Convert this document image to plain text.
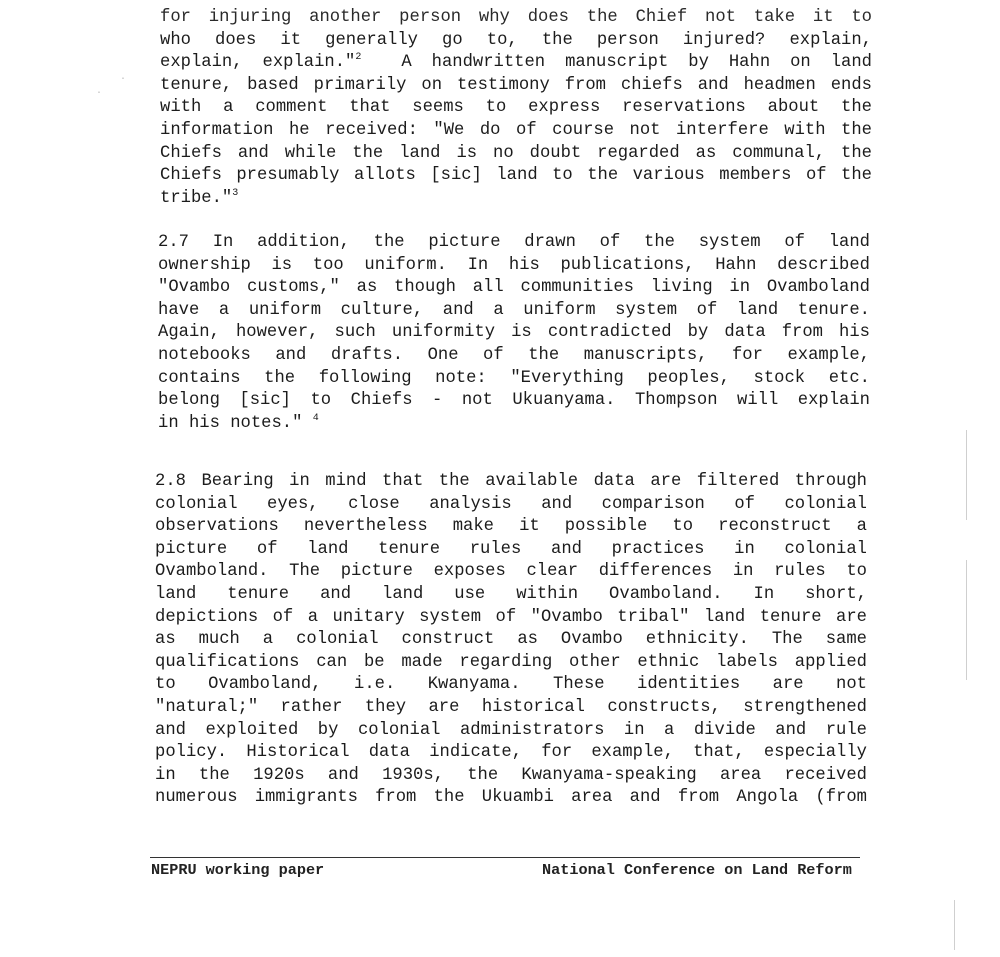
for injuring another person why does the Chief not take it to
who does it generally go to, the person injured? explain,
explain, explain."$^2$ A handwritten manuscript by Hahn on land
tenure, based primarily on testimony from chiefs and headmen ends
with a comment that seems to express reservations about the
information he received: "We do of course not interfere with the
Chiefs and while the land is no doubt regarded as communal, the
Chiefs presumably allots [sic] land to the various members of the
tribe."$^3$
2.7 In addition, the picture drawn of the system of land
ownership is too uniform. In his publications, Hahn described
"Ovambo customs," as though all communities living in Ovamboland
have a uniform culture, and a uniform system of land tenure.
Again, however, such uniformity is contradicted by data from his
notebooks and drafts. One of the manuscripts, for example,
contains the following note: "Everything peoples, stock etc.
belong [sic] to Chiefs - not Ukuanyama. Thompson will explain
in his notes." $^4$
2.8 Bearing in mind that the available data are filtered through
colonial eyes, close analysis and comparison of colonial
observations nevertheless make it possible to reconstruct a
picture of land tenure rules and practices in colonial
Ovamboland. The picture exposes clear differences in rules to
land tenure and land use within Ovamboland. In short,
depictions of a unitary system of "Ovambo tribal" land tenure are
as much a colonial construct as Ovambo ethnicity. The same
qualifications can be made regarding other ethnic labels applied
to Ovamboland, i.e. Kwanyama. These identities are not
"natural;" rather they are historical constructs, strengthened
and exploited by colonial administrators in a divide and rule
policy. Historical data indicate, for example, that, especially
in the 1920s and 1930s, the Kwanyama-speaking area received
numerous immigrants from the Ukuambi area and from Angola (from
NEPRU working paper	National Conference on Land Reform
.
.
